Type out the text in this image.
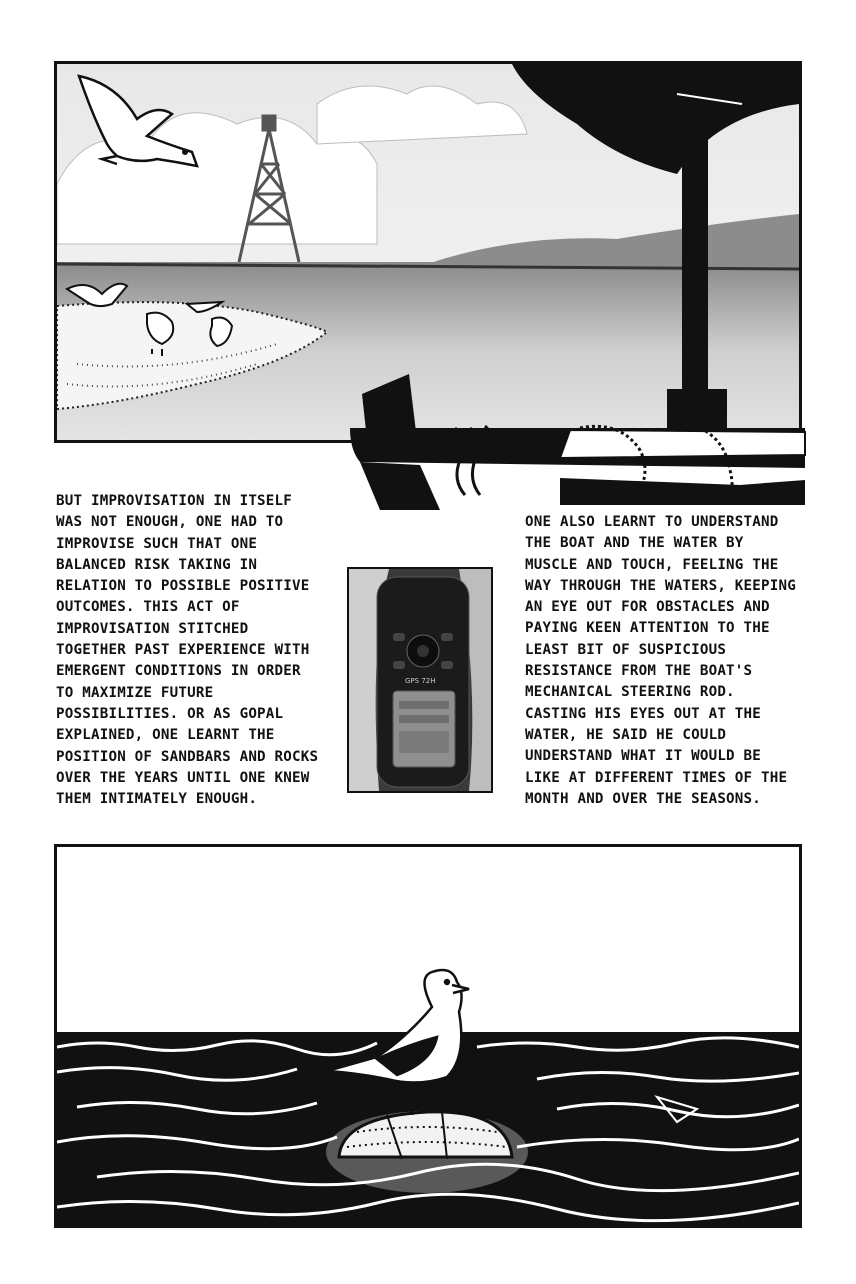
BUT IMPROVISATION IN ITSELF
WAS NOT ENOUGH, ONE HAD TO
IMPROVISE SUCH THAT ONE
BALANCED RISK TAKING IN
RELATION TO POSSIBLE POSITIVE
OUTCOMES. THIS ACT OF
IMPROVISATION STITCHED
TOGETHER PAST EXPERIENCE WITH
EMERGENT CONDITIONS IN ORDER
TO MAXIMIZE FUTURE
POSSIBILITIES. OR AS GOPAL
EXPLAINED, ONE LEARNT THE
POSITION OF SANDBARS AND ROCKS
OVER THE YEARS UNTIL ONE KNEW
THEM INTIMATELY ENOUGH.
GPS 72H
ONE ALSO LEARNT TO UNDERSTAND
THE BOAT AND THE WATER BY
MUSCLE AND TOUCH, FEELING THE
WAY THROUGH THE WATERS, KEEPING
AN EYE OUT FOR OBSTACLES AND
PAYING KEEN ATTENTION TO THE
LEAST BIT OF SUSPICIOUS
RESISTANCE FROM THE BOAT'S
MECHANICAL STEERING ROD.
CASTING HIS EYES OUT AT THE
WATER, HE SAID HE COULD
UNDERSTAND WHAT IT WOULD BE
LIKE AT DIFFERENT TIMES OF THE
MONTH AND OVER THE SEASONS.
